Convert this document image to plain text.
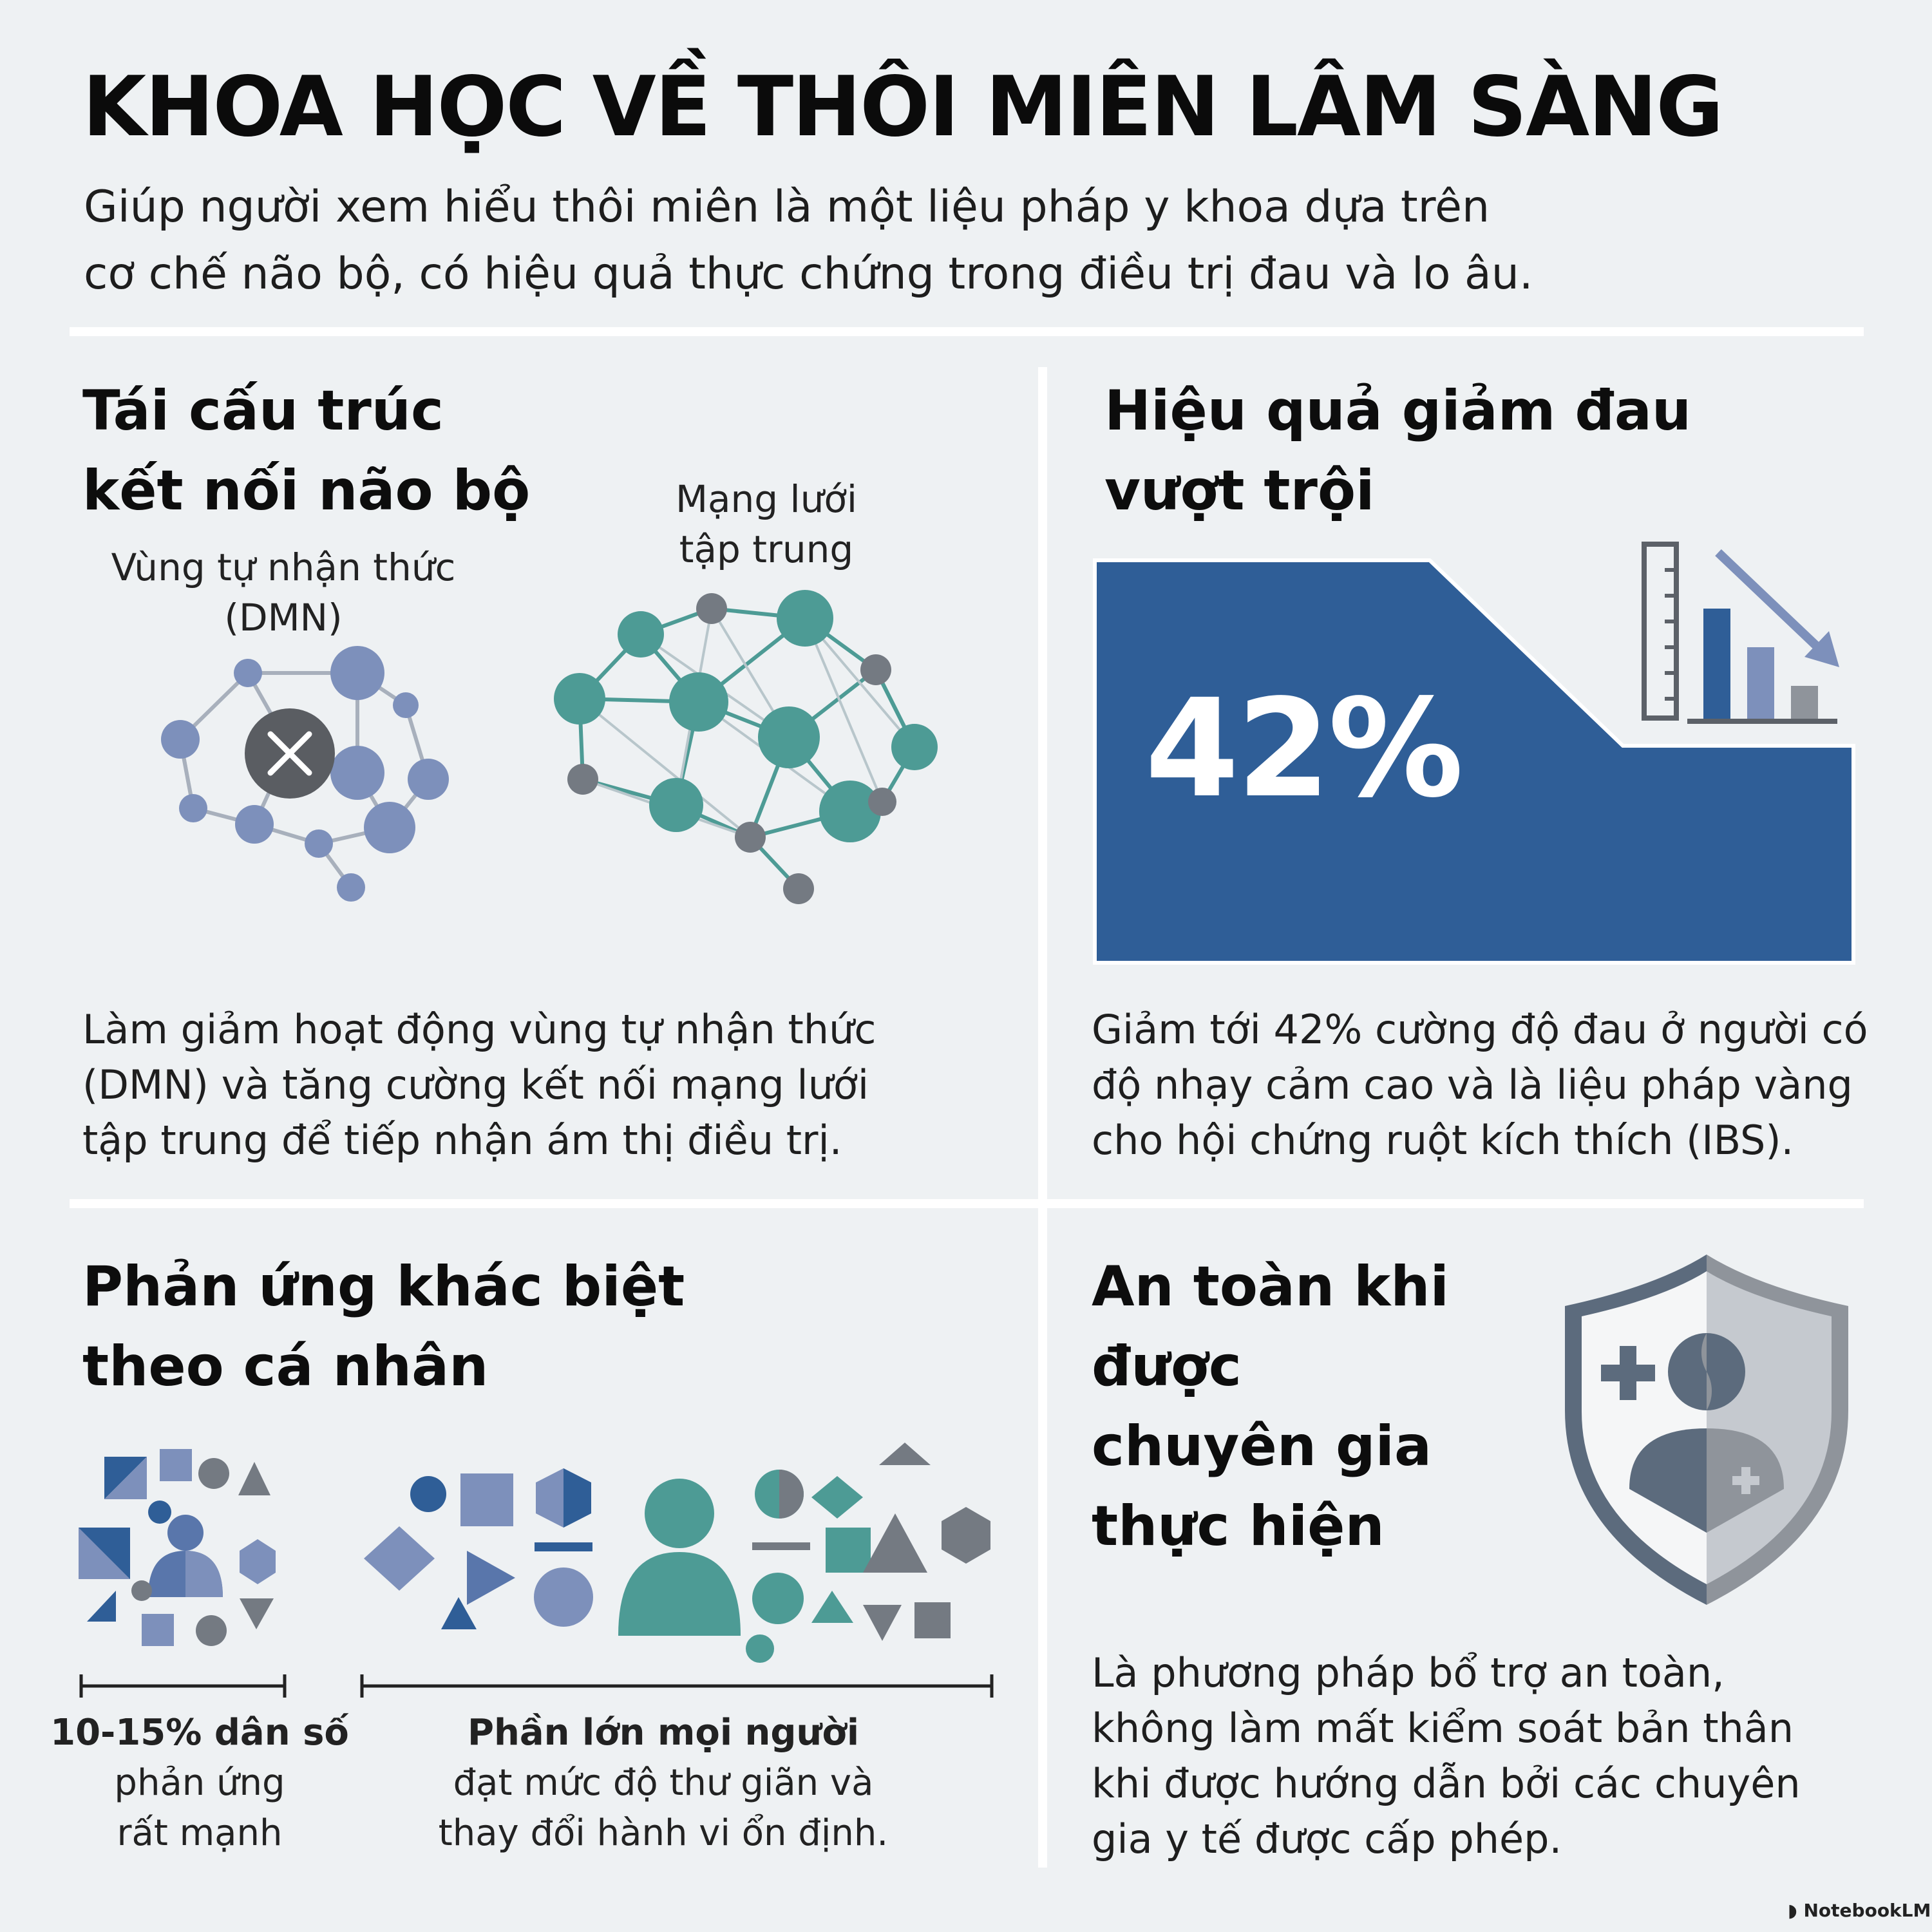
KHOA HỌC VỀ THÔI MIÊN LÂM SÀNG
Giúp người xem hiểu thôi miên là một liệu pháp y khoa dựa trên
cơ chế não bộ, có hiệu quả thực chứng trong điều trị đau và lo âu.
Tái cấu trúc
kết nối não bộ
Vùng tự nhận thức
(DMN)
Mạng lưới
tập trung
Làm giảm hoạt động vùng tự nhận thức
(DMN) và tăng cường kết nối mạng lưới
tập trung để tiếp nhận ám thị điều trị.
Hiệu quả giảm đau
vượt trội
42%
Giảm tới 42% cường độ đau ở người có
độ nhạy cảm cao và là liệu pháp vàng
cho hội chứng ruột kích thích (IBS).
Phản ứng khác biệt
theo cá nhân
10-15% dân số
phản ứng
rất mạnh
Phần lớn mọi người
đạt mức độ thư giãn và
thay đổi hành vi ổn định.
An toàn khi
được
chuyên gia
thực hiện
Là phương pháp bổ trợ an toàn,
không làm mất kiểm soát bản thân
khi được hướng dẫn bởi các chuyên
gia y tế được cấp phép.
◗ NotebookLM
